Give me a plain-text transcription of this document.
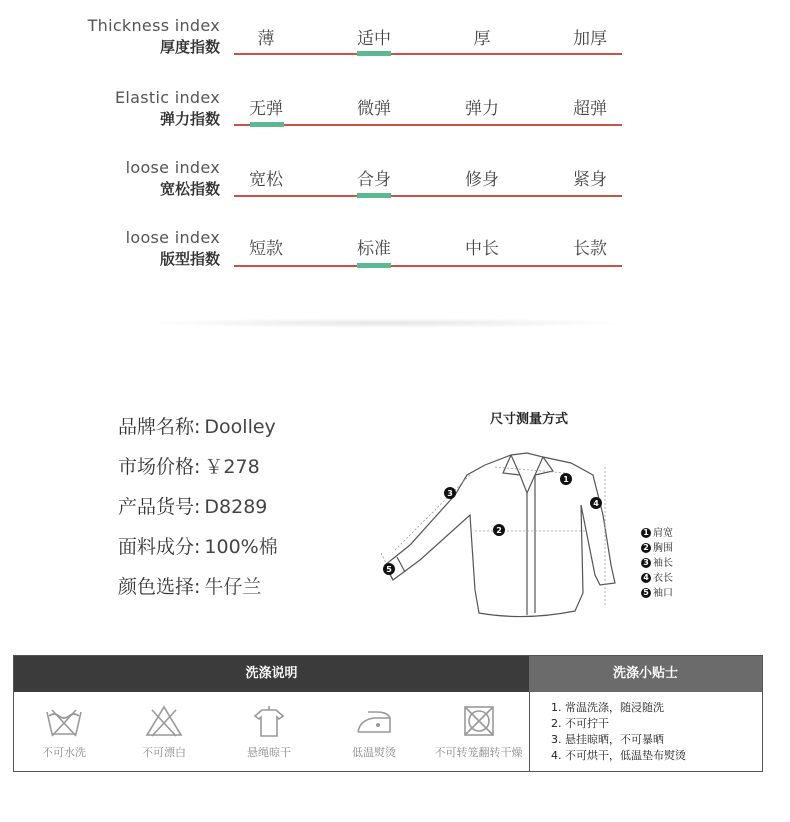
Thickness index
厚度指数	薄	适中	厚	加厚
Elastic index
弹力指数	无弹	微弹	弹力	超弹
loose index
宽松指数	宽松	合身	修身	紧身
loose index
版型指数	短款	标准	中长	长款
品牌名称: Doolley
市场价格: ￥278
产品货号: D8289
面料成分: 100%棉
颜色选择: 牛仔兰
尺寸测量方式
1
2
3
4
5
1 肩宽
2 胸围
3 袖长
4 衣长
5 袖口
洗涤说明	洗涤小贴士
不可水洗	不可漂白	悬绳晾干	低温熨烫	不可转笼翻转干燥
1. 常温洗涤，随浸随洗
2. 不可拧干
3. 悬挂晾晒，不可暴晒
4. 不可烘干，低温垫布熨烫
